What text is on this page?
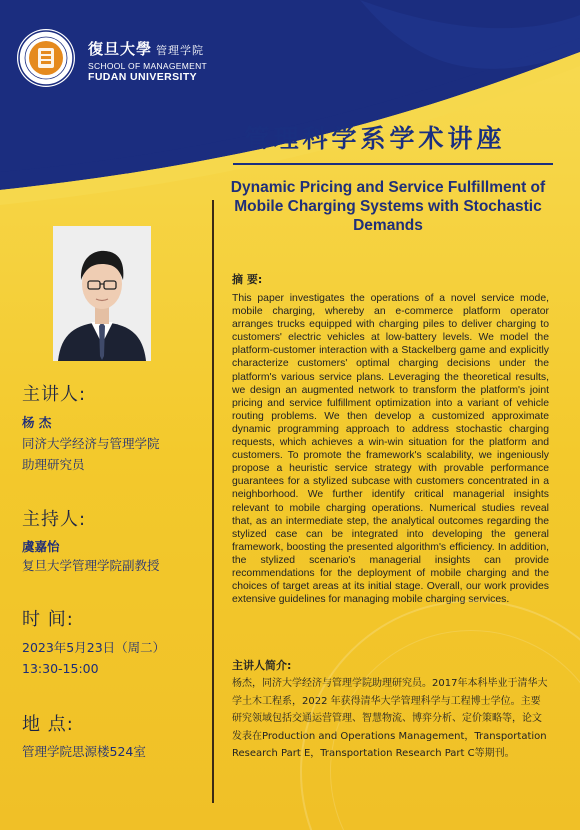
復旦大學 管理学院
SCHOOL OF MANAGEMENT
FUDAN UNIVERSITY
管理科学系学术讲座
Dynamic Pricing and Service Fulfillment of Mobile Charging Systems with Stochastic Demands
主讲人:
杨 杰
同济大学经济与管理学院
助理研究员
主持人:
虞嘉怡
复旦大学管理学院副教授
时 间:
2023年5月23日（周二）
13:30-15:00
地 点:
管理学院思源楼524室
摘 要:
This paper investigates the operations of a novel service mode, mobile charging, whereby an e-commerce platform operator arranges trucks equipped with charging piles to deliver charging to customers' electric vehicles at low-battery levels. We model the platform-customer interaction with a Stackelberg game and explicitly characterize customers' optimal charging decisions under the platform's various service plans. Leveraging the theoretical results, we design an augmented network to transform the platform's joint pricing and service fulfillment optimization into a variant of vehicle routing problems. We then develop a customized approximate dynamic programming approach to address stochastic charging requests, which achieves a win-win situation for the platform and customers. To promote the framework's scalability, we ingeniously propose a heuristic service strategy with provable performance guarantees for a stylized subcase with customers concentrated in a neighborhood. We further identify critical managerial insights relevant to mobile charging operations. Numerical studies reveal that, as an intermediate step, the analytical outcomes regarding the stylized case can be integrated into developing the general framework, boosting the presented algorithm's efficiency. In addition, the stylized scenario's managerial insights can provide recommendations for the deployment of mobile charging and the choices of target areas at its initial stage. Overall, our work provides extensive guidelines for managing mobile charging services.
主讲人简介:
杨杰，同济大学经济与管理学院助理研究员。2017年本科毕业于清华大学土木工程系，2022 年获得清华大学管理科学与工程博士学位。主要研究领域包括交通运营管理、智慧物流、博弈分析、定价策略等，论文发表在Production and Operations Management，Transportation Research Part E，Transportation Research Part C等期刊。
